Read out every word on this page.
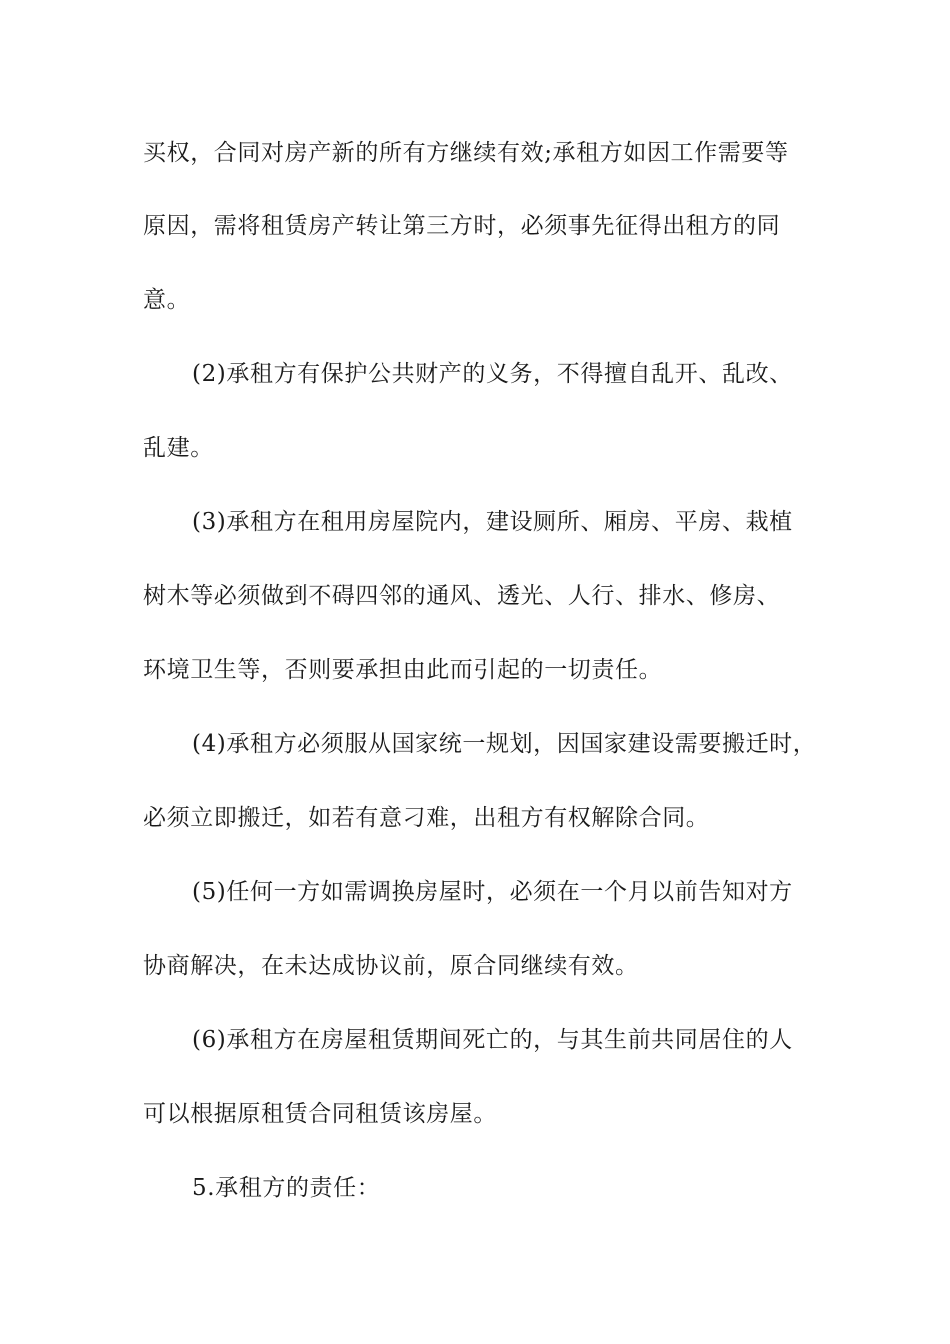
买权，合同对房产新的所有方继续有效;承租方如因工作需要等
原因，需将租赁房产转让第三方时，必须事先征得出租方的同
意。
(2)承租方有保护公共财产的义务，不得擅自乱开、乱改、
乱建。
(3)承租方在租用房屋院内，建设厕所、厢房、平房、栽植
树木等必须做到不碍四邻的通风、透光、人行、排水、修房、
环境卫生等，否则要承担由此而引起的一切责任。
(4)承租方必须服从国家统一规划，因国家建设需要搬迁时，
必须立即搬迁，如若有意刁难，出租方有权解除合同。
(5)任何一方如需调换房屋时，必须在一个月以前告知对方
协商解决，在未达成协议前，原合同继续有效。
(6)承租方在房屋租赁期间死亡的，与其生前共同居住的人
可以根据原租赁合同租赁该房屋。
5.承租方的责任：
